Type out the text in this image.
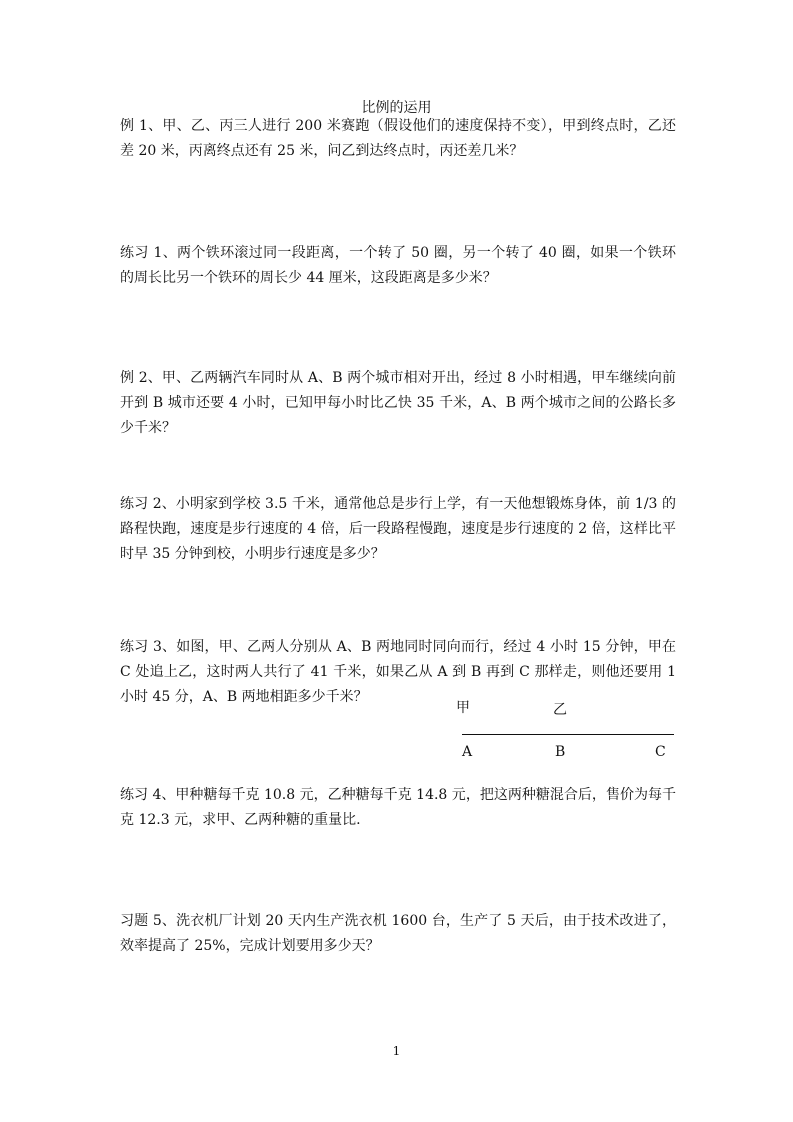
比例的运用
例 1、甲、乙、丙三人进行 200 米赛跑（假设他们的速度保持不变），甲到终点时，乙还差 20 米，丙离终点还有 25 米，问乙到达终点时，丙还差几米？
练习 1、两个铁环滚过同一段距离，一个转了 50 圈，另一个转了 40 圈，如果一个铁环的周长比另一个铁环的周长少 44 厘米，这段距离是多少米？
例 2、甲、乙两辆汽车同时从 A、B 两个城市相对开出，经过 8 小时相遇，甲车继续向前开到 B 城市还要 4 小时，已知甲每小时比乙快 35 千米，A、B 两个城市之间的公路长多少千米？
练习 2、小明家到学校 3.5 千米，通常他总是步行上学，有一天他想锻炼身体，前 1/3 的路程快跑，速度是步行速度的 4 倍，后一段路程慢跑，速度是步行速度的 2 倍，这样比平时早 35 分钟到校，小明步行速度是多少？
练习 3、如图，甲、乙两人分别从 A、B 两地同时同向而行，经过 4 小时 15 分钟，甲在 C 处追上乙，这时两人共行了 41 千米，如果乙从 A 到 B 再到 C 那样走，则他还要用 1 小时 45 分，A、B 两地相距多少千米？
甲	乙
A	B	C
练习 4、甲种糖每千克 10.8 元，乙种糖每千克 14.8 元，把这两种糖混合后，售价为每千克 12.3 元，求甲、乙两种糖的重量比.
习题 5、洗衣机厂计划 20 天内生产洗衣机 1600 台，生产了 5 天后，由于技术改进了，效率提高了 25%，完成计划要用多少天？
1
